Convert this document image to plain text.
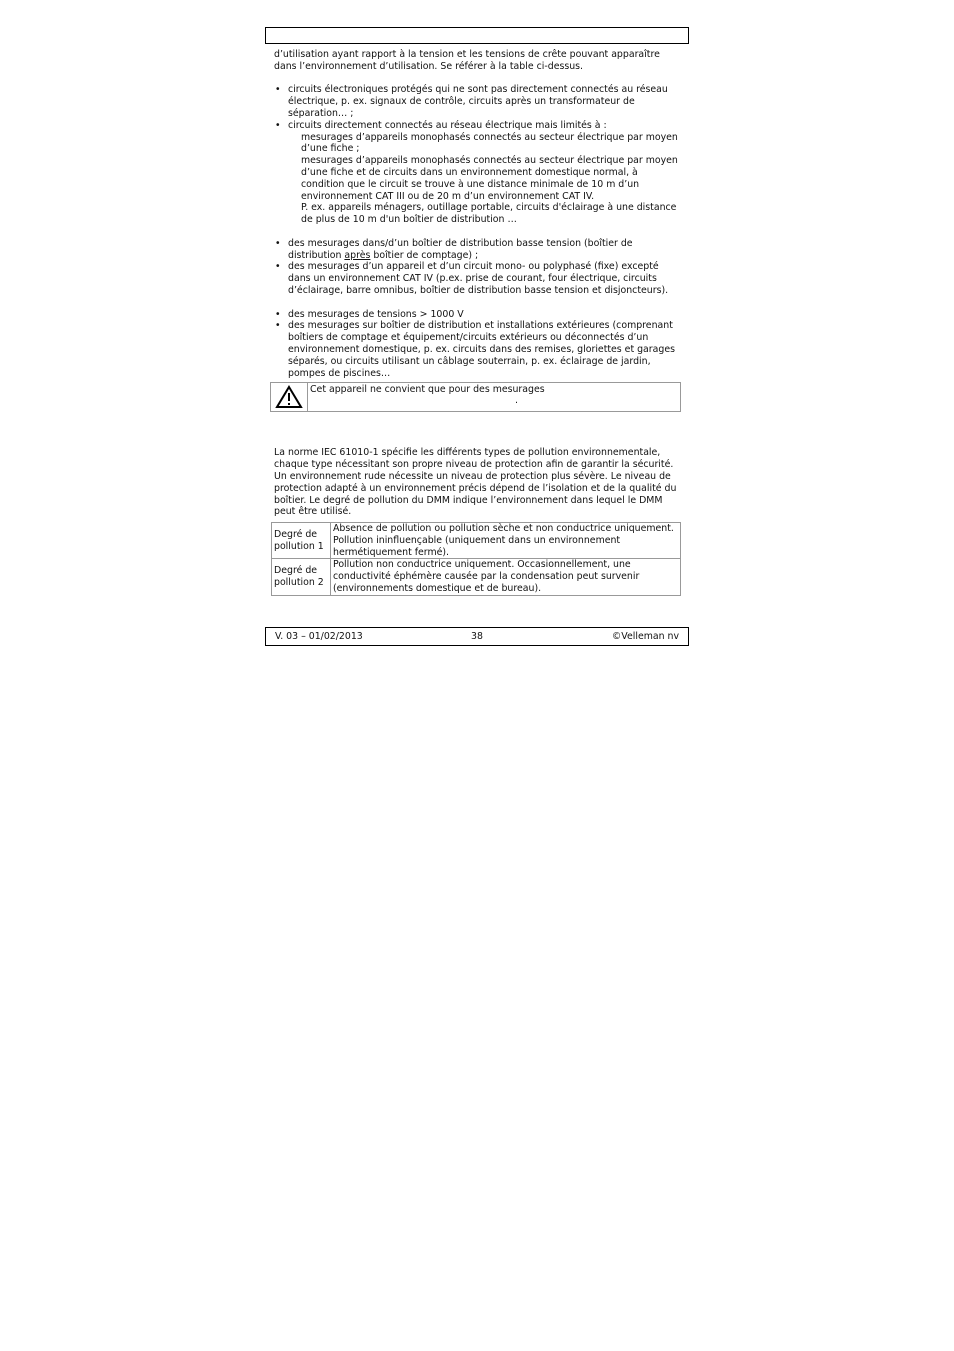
d’utilisation ayant rapport à la tension et les tensions de crête pouvant apparaître dans l’environnement d’utilisation. Se référer à la table ci-dessus.

• circuits électroniques protégés qui ne sont pas directement connectés au réseau électrique, p. ex. signaux de contrôle, circuits après un transformateur de séparation… ;
• circuits directement connectés au réseau électrique mais limités à :
mesurages d’appareils monophasés connectés au secteur électrique par moyen d’une fiche ;
mesurages d’appareils monophasés connectés au secteur électrique par moyen d’une fiche et de circuits dans un environnement domestique normal, à condition que le circuit se trouve à une distance minimale de 10 m d’un environnement CAT III ou de 20 m d’un environnement CAT IV.
P. ex. appareils ménagers, outillage portable, circuits d'éclairage à une distance de plus de 10 m d'un boîtier de distribution …
• des mesurages dans/d’un boîtier de distribution basse tension (boîtier de distribution après boîtier de comptage) ;
• des mesurages d’un appareil et d’un circuit mono- ou polyphasé (fixe) excepté dans un environnement CAT IV (p.ex. prise de courant, four électrique, circuits d’éclairage, barre omnibus, boîtier de distribution basse tension et disjoncteurs).
• des mesurages de tensions > 1000 V
• des mesurages sur boîtier de distribution et installations extérieures (comprenant boîtiers de comptage et équipement/circuits extérieurs ou déconnectés d’un environnement domestique, p. ex. circuits dans des remises, gloriettes et garages séparés, ou circuits utilisant un câblage souterrain, p. ex. éclairage de jardin, pompes de piscines…
Cet appareil ne convient que pour des mesurages
.

La norme IEC 61010-1 spécifie les différents types de pollution environnementale, chaque type nécessitant son propre niveau de protection afin de garantir la sécurité. Un environnement rude nécessite un niveau de protection plus sévère. Le niveau de protection adapté à un environnement précis dépend de l’isolation et de la qualité du boîtier. Le degré de pollution du DMM indique l’environnement dans lequel le DMM peut être utilisé.

Degré de pollution 1	Absence de pollution ou pollution sèche et non conductrice uniquement. Pollution ininfluençable (uniquement dans un environnement hermétiquement fermé).
Degré de pollution 2	Pollution non conductrice uniquement. Occasionnellement, une conductivité éphémère causée par la condensation peut survenir (environnements domestique et de bureau).
V. 03 – 01/02/2013	38	©Velleman nv
